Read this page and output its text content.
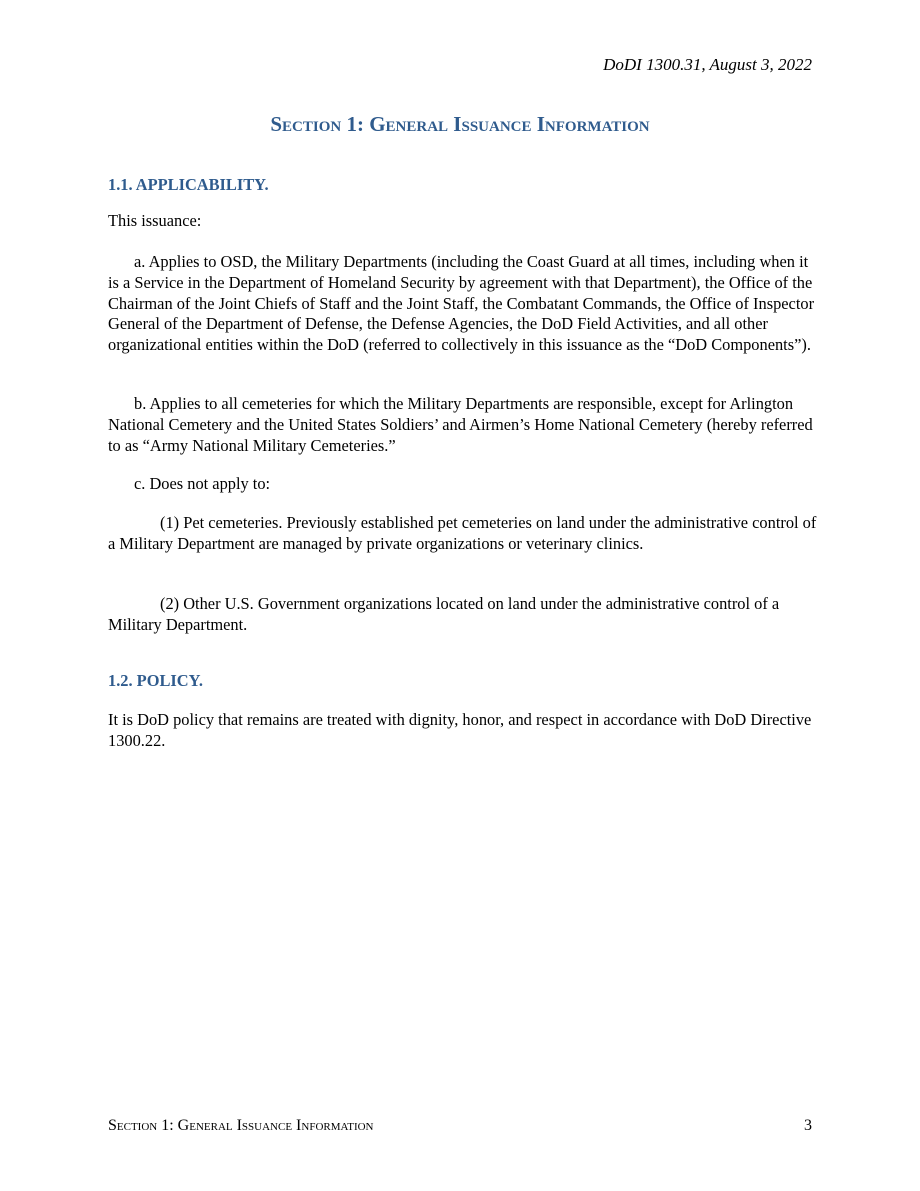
DoDI 1300.31, August 3, 2022
Section 1: General Issuance Information
1.1. APPLICABILITY.

This issuance:

a. Applies to OSD, the Military Departments (including the Coast Guard at all times, including when it is a Service in the Department of Homeland Security by agreement with that Department), the Office of the Chairman of the Joint Chiefs of Staff and the Joint Staff, the Combatant Commands, the Office of Inspector General of the Department of Defense, the Defense Agencies, the DoD Field Activities, and all other organizational entities within the DoD (referred to collectively in this issuance as the “DoD Components”).

b. Applies to all cemeteries for which the Military Departments are responsible, except for Arlington National Cemetery and the United States Soldiers’ and Airmen’s Home National Cemetery (hereby referred to as “Army National Military Cemeteries.”

c. Does not apply to:

(1) Pet cemeteries. Previously established pet cemeteries on land under the administrative control of a Military Department are managed by private organizations or veterinary clinics.

(2) Other U.S. Government organizations located on land under the administrative control of a Military Department.

1.2. POLICY.

It is DoD policy that remains are treated with dignity, honor, and respect in accordance with DoD Directive 1300.22.

Section 1: General Issuance Information	3
